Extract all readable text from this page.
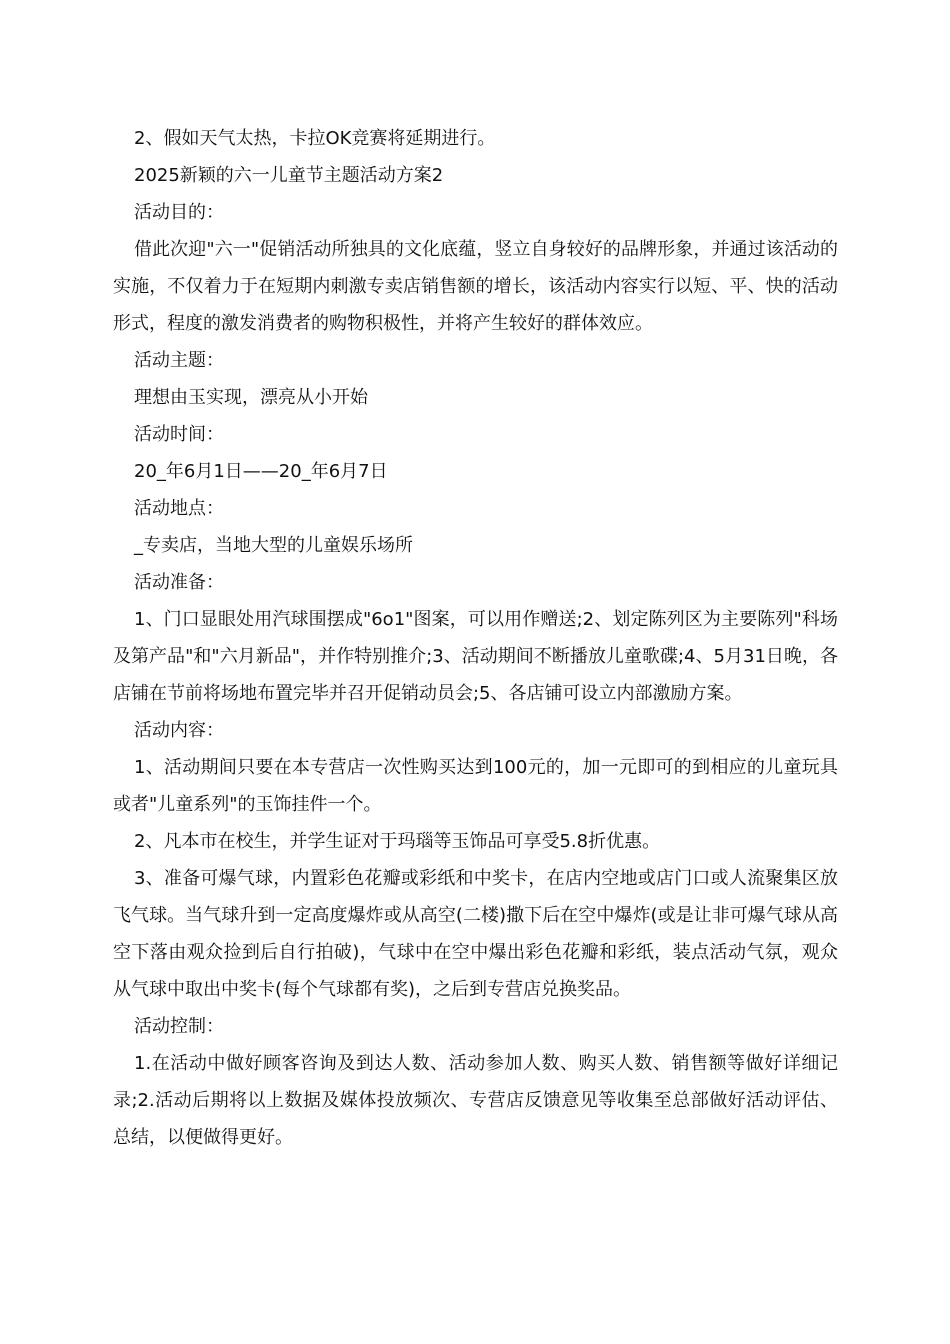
2、假如天气太热，卡拉OK竞赛将延期进行。

2025新颖的六一儿童节主题活动方案2

活动目的：

借此次迎"六一"促销活动所独具的文化底蕴，竖立自身较好的品牌形象，并通过该活动的实施，不仅着力于在短期内刺激专卖店销售额的增长，该活动内容实行以短、平、快的活动形式，程度的激发消费者的购物积极性，并将产生较好的群体效应。

活动主题：

理想由玉实现，漂亮从小开始

活动时间：

20_年6月1日——20_年6月7日

活动地点：

_专卖店，当地大型的儿童娱乐场所

活动准备：

1、门口显眼处用汽球围摆成"6o1"图案，可以用作赠送;2、划定陈列区为主要陈列"科场及第产品"和"六月新品"，并作特别推介;3、活动期间不断播放儿童歌碟;4、5月31日晚，各店铺在节前将场地布置完毕并召开促销动员会;5、各店铺可设立内部激励方案。

活动内容：

1、活动期间只要在本专营店一次性购买达到100元的，加一元即可的到相应的儿童玩具或者"儿童系列"的玉饰挂件一个。

2、凡本市在校生，并学生证对于玛瑙等玉饰品可享受5.8折优惠。

3、准备可爆气球，内置彩色花瓣或彩纸和中奖卡，在店内空地或店门口或人流聚集区放飞气球。当气球升到一定高度爆炸或从高空(二楼)撒下后在空中爆炸(或是让非可爆气球从高空下落由观众捡到后自行拍破)，气球中在空中爆出彩色花瓣和彩纸，装点活动气氛，观众从气球中取出中奖卡(每个气球都有奖)，之后到专营店兑换奖品。

活动控制：

1.在活动中做好顾客咨询及到达人数、活动参加人数、购买人数、销售额等做好详细记录;2.活动后期将以上数据及媒体投放频次、专营店反馈意见等收集至总部做好活动评估、总结，以便做得更好。
